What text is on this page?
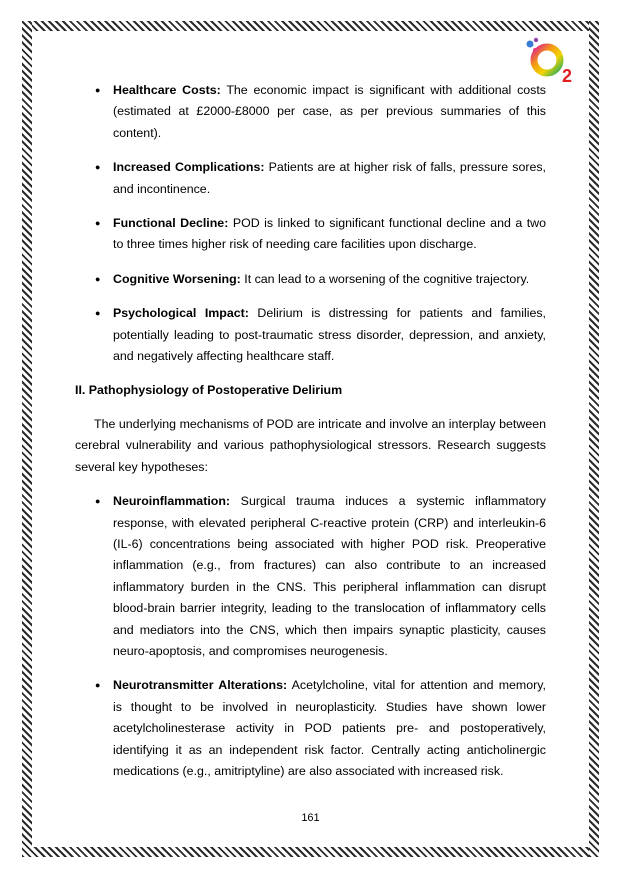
2
● Healthcare Costs: The economic impact is significant with additional costs (estimated at £2000-£8000 per case, as per previous summaries of this content).
● Increased Complications: Patients are at higher risk of falls, pressure sores, and incontinence.
● Functional Decline: POD is linked to significant functional decline and a two to three times higher risk of needing care facilities upon discharge.
● Cognitive Worsening: It can lead to a worsening of the cognitive trajectory.
● Psychological Impact: Delirium is distressing for patients and families, potentially leading to post-traumatic stress disorder, depression, and anxiety, and negatively affecting healthcare staff.
II. Pathophysiology of Postoperative Delirium

The underlying mechanisms of POD are intricate and involve an interplay between cerebral vulnerability and various pathophysiological stressors. Research suggests several key hypotheses:

● Neuroinflammation: Surgical trauma induces a systemic inflammatory response, with elevated peripheral C-reactive protein (CRP) and interleukin-6 (IL-6) concentrations being associated with higher POD risk. Preoperative inflammation (e.g., from fractures) can also contribute to an increased inflammatory burden in the CNS. This peripheral inflammation can disrupt blood-brain barrier integrity, leading to the translocation of inflammatory cells and mediators into the CNS, which then impairs synaptic plasticity, causes neuro-apoptosis, and compromises neurogenesis.
● Neurotransmitter Alterations: Acetylcholine, vital for attention and memory, is thought to be involved in neuroplasticity. Studies have shown lower acetylcholinesterase activity in POD patients pre- and postoperatively, identifying it as an independent risk factor. Centrally acting anticholinergic medications (e.g., amitriptyline) are also associated with increased risk.
161
